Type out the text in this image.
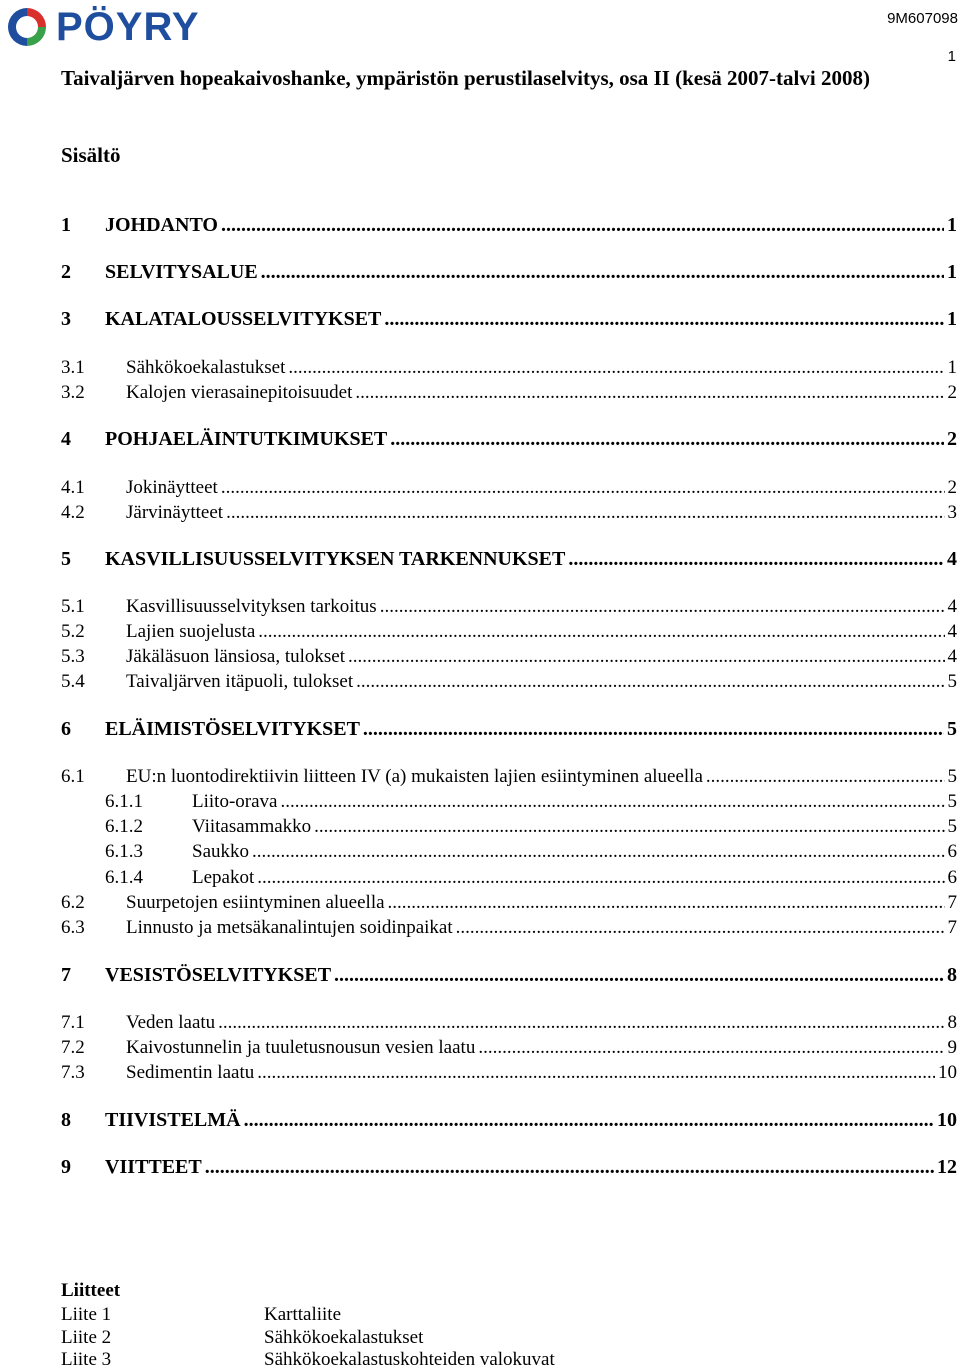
PÖYRY	9M607098
1
Taivaljärven hopeakaivoshanke, ympäristön perustilaselvitys, osa II (kesä 2007-talvi 2008)
Sisältö
1	JOHDANTO .....	1
2	SELVITYSALUE .....	1
3	KALATALOUSSELVITYKSET .....	1
3.1	Sähkökoekalastukset .....	1
3.2	Kalojen vierasainepitoisuudet .....	2
4	POHJAELÄINTUTKIMUKSET .....	2
4.1	Jokinäytteet .....	2
4.2	Järvinäytteet .....	3
5	KASVILLISUUSSELVITYKSEN TARKENNUKSET .....	4
5.1	Kasvillisuusselvityksen tarkoitus .....	4
5.2	Lajien suojelusta .....	4
5.3	Jäkäläsuon länsiosa, tulokset .....	4
5.4	Taivaljärven itäpuoli, tulokset .....	5
6	ELÄIMISTÖSELVITYKSET .....	5
6.1	EU:n luontodirektiivin liitteen IV (a) mukaisten lajien esiintyminen alueella .....	5
6.1.1	Liito-orava .....	5
6.1.2	Viitasammakko .....	5
6.1.3	Saukko .....	6
6.1.4	Lepakot .....	6
6.2	Suurpetojen esiintyminen alueella .....	7
6.3	Linnusto ja metsäkanalintujen soidinpaikat .....	7
7	VESISTÖSELVITYKSET .....	8
7.1	Veden laatu .....	8
7.2	Kaivostunnelin ja tuuletusnousun vesien laatu .....	9
7.3	Sedimentin laatu .....	10
8	TIIVISTELMÄ .....	10
9	VIITTEET .....	12
Liitteet
Liite 1	Karttaliite
Liite 2	Sähkökoekalastukset
Liite 3	Sähkökoekalastuskohteiden valokuvat
